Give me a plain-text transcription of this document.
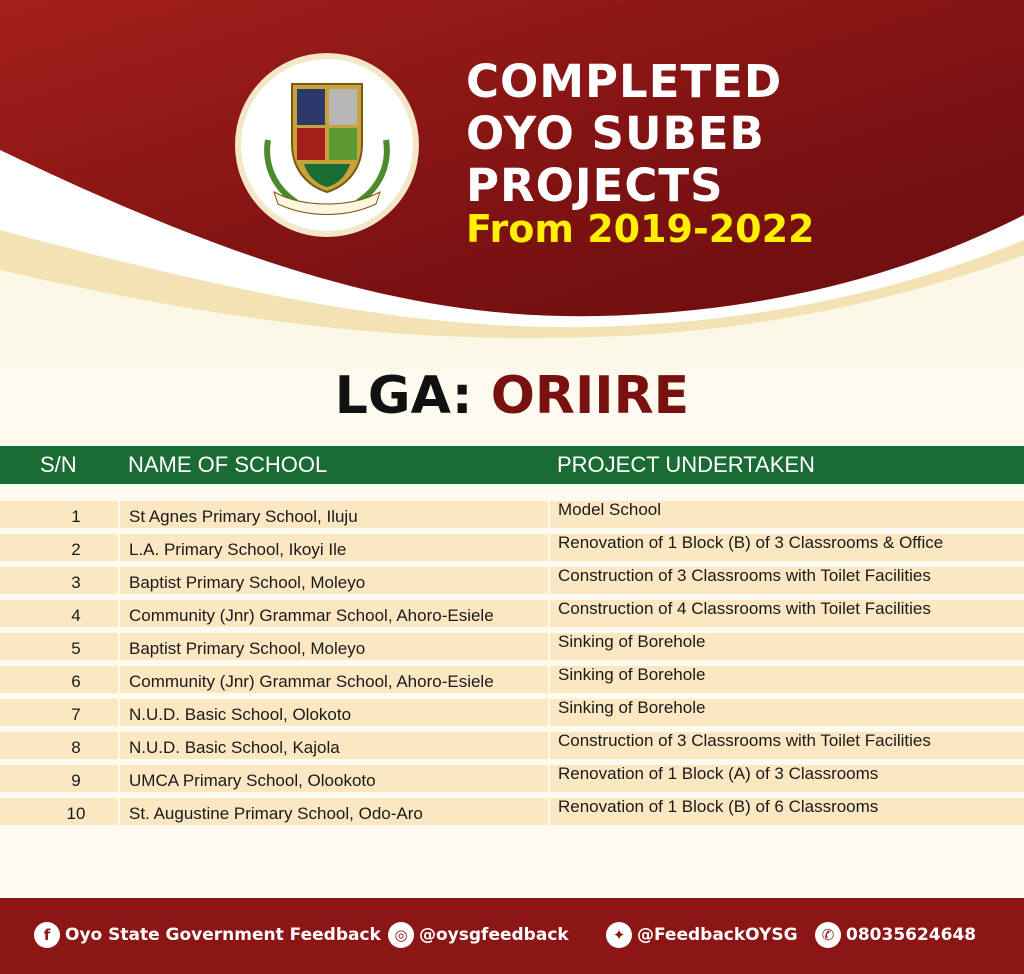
COMPLETED
OYO SUBEB
PROJECTS
From 2019-2022
LGA: ORIIRE
S/N NAME OF SCHOOL	PROJECT UNDERTAKEN
1	St Agnes Primary School, Iluju	Model School
2	L.A. Primary School, Ikoyi Ile	Renovation of 1 Block (B) of 3 Classrooms & Office
3	Baptist Primary School, Moleyo	Construction of 3 Classrooms with Toilet Facilities
4	Community (Jnr) Grammar School, Ahoro-Esiele	Construction of 4 Classrooms with Toilet Facilities
5	Baptist Primary School, Moleyo	Sinking of Borehole
6	Community (Jnr) Grammar School, Ahoro-Esiele	Sinking of Borehole
7	N.U.D. Basic School, Olokoto	Sinking of Borehole
8	N.U.D. Basic School, Kajola	Construction of 3 Classrooms with Toilet Facilities
9	UMCA Primary School, Olookoto	Renovation of 1 Block (A) of 3 Classrooms
10	St. Augustine Primary School, Odo-Aro	Renovation of 1 Block (B) of 6 Classrooms
f Oyo State Government Feedback ◎ @oysgfeedback	✦ @FeedbackOYSG	✆ 08035624648
